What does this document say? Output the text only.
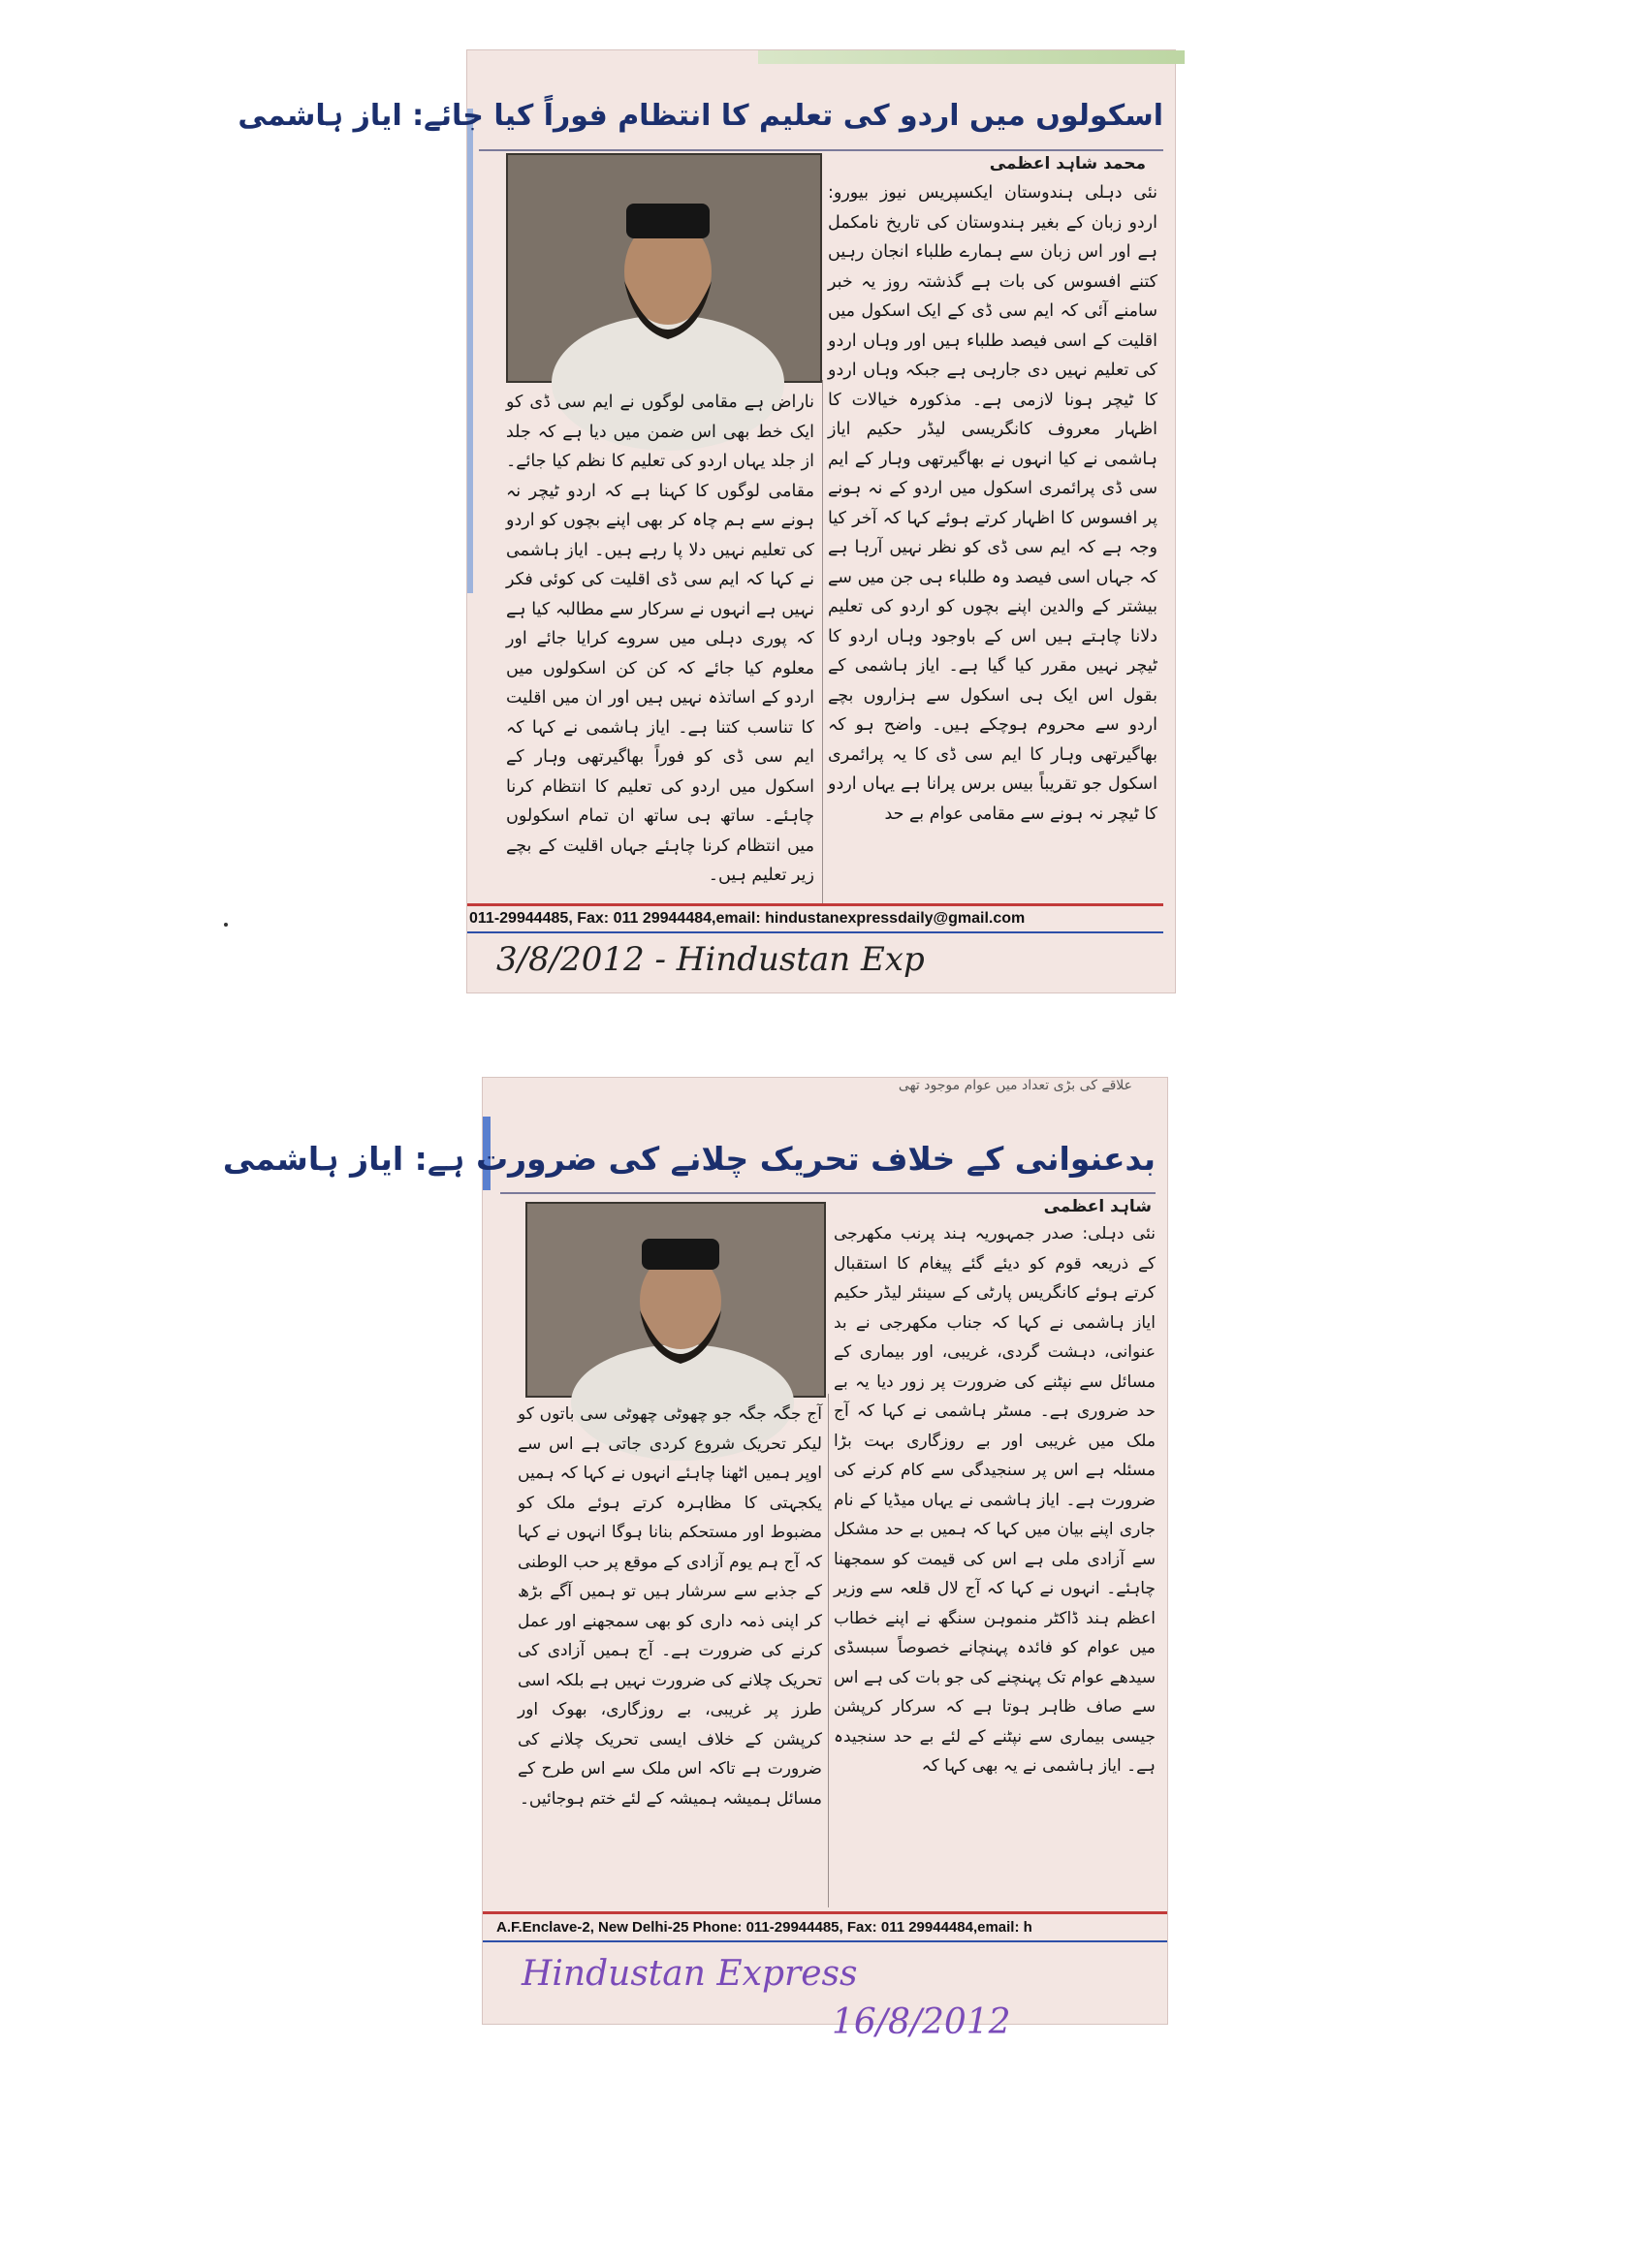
اسکولوں میں اردو کی تعلیم کا انتظام فوراً کیا جائے: ایاز ہاشمی
محمد شاہد اعظمی

نئی دہلی ہندوستان ایکسپریس نیوز بیورو: اردو زبان کے بغیر ہندوستان کی تاریخ نامکمل ہے اور اس زبان سے ہمارے طلباء انجان رہیں کتنے افسوس کی بات ہے گذشتہ روز یہ خبر سامنے آئی کہ ایم سی ڈی کے ایک اسکول میں اقلیت کے اسی فیصد طلباء ہیں اور وہاں اردو کی تعلیم نہیں دی جارہی ہے جبکہ وہاں اردو کا ٹیچر ہونا لازمی ہے۔ مذکورہ خیالات کا اظہار معروف کانگریسی لیڈر حکیم ایاز ہاشمی نے کیا انہوں نے بھاگیرتھی وہار کے ایم سی ڈی پرائمری اسکول میں اردو کے نہ ہونے پر افسوس کا اظہار کرتے ہوئے کہا کہ آخر کیا وجہ ہے کہ ایم سی ڈی کو نظر نہیں آرہا ہے کہ جہاں اسی فیصد وہ طلباء ہی جن میں سے بیشتر کے والدین اپنے بچوں کو اردو کی تعلیم دلانا چاہتے ہیں اس کے باوجود وہاں اردو کا ٹیچر نہیں مقرر کیا گیا ہے۔ ایاز ہاشمی کے بقول اس ایک ہی اسکول سے ہزاروں بچے اردو سے محروم ہوچکے ہیں۔ واضح ہو کہ بھاگیرتھی وہار کا ایم سی ڈی کا یہ پرائمری اسکول جو تقریباً بیس برس پرانا ہے یہاں اردو کا ٹیچر نہ ہونے سے مقامی عوام بے حد

ناراض ہے مقامی لوگوں نے ایم سی ڈی کو ایک خط بھی اس ضمن میں دیا ہے کہ جلد از جلد یہاں اردو کی تعلیم کا نظم کیا جائے۔ مقامی لوگوں کا کہنا ہے کہ اردو ٹیچر نہ ہونے سے ہم چاہ کر بھی اپنے بچوں کو اردو کی تعلیم نہیں دلا پا رہے ہیں۔ ایاز ہاشمی نے کہا کہ ایم سی ڈی اقلیت کی کوئی فکر نہیں ہے انہوں نے سرکار سے مطالبہ کیا ہے کہ پوری دہلی میں سروے کرایا جائے اور معلوم کیا جائے کہ کن کن اسکولوں میں اردو کے اساتذہ نہیں ہیں اور ان میں اقلیت کا تناسب کتنا ہے۔ ایاز ہاشمی نے کہا کہ ایم سی ڈی کو فوراً بھاگیرتھی وہار کے اسکول میں اردو کی تعلیم کا انتظام کرنا چاہئے۔ ساتھ ہی ساتھ ان تمام اسکولوں میں انتظام کرنا چاہئے جہاں اقلیت کے بچے زیر تعلیم ہیں۔

011-29944485, Fax: 011 29944484,email: hindustanexpressdaily@gmail.com
3/8/2012 - Hindustan Exp
علاقے کی بڑی تعداد میں عوام موجود تھی
بدعنوانی کے خلاف تحریک چلانے کی ضرورت ہے: ایاز ہاشمی
شاہد اعظمی

نئی دہلی: صدر جمہوریہ ہند پرنب مکھرجی کے ذریعہ قوم کو دیئے گئے پیغام کا استقبال کرتے ہوئے کانگریس پارٹی کے سینئر لیڈر حکیم ایاز ہاشمی نے کہا کہ جناب مکھرجی نے بد عنوانی، دہشت گردی، غریبی، اور بیماری کے مسائل سے نپٹنے کی ضرورت پر زور دیا یہ بے حد ضروری ہے۔ مسٹر ہاشمی نے کہا کہ آج ملک میں غریبی اور بے روزگاری بہت بڑا مسئلہ ہے اس پر سنجیدگی سے کام کرنے کی ضرورت ہے۔ ایاز ہاشمی نے یہاں میڈیا کے نام جاری اپنے بیان میں کہا کہ ہمیں بے حد مشکل سے آزادی ملی ہے اس کی قیمت کو سمجھنا چاہئے۔ انہوں نے کہا کہ آج لال قلعہ سے وزیر اعظم ہند ڈاکٹر منموہن سنگھ نے اپنے خطاب میں عوام کو فائدہ پہنچانے خصوصاً سبسڈی سیدھے عوام تک پہنچنے کی جو بات کی ہے اس سے صاف ظاہر ہوتا ہے کہ سرکار کرپشن جیسی بیماری سے نپٹنے کے لئے بے حد سنجیدہ ہے۔ ایاز ہاشمی نے یہ بھی کہا کہ

آج جگہ جگہ جو چھوٹی چھوٹی سی باتوں کو لیکر تحریک شروع کردی جاتی ہے اس سے اوپر ہمیں اٹھنا چاہئے انہوں نے کہا کہ ہمیں یکجہتی کا مظاہرہ کرتے ہوئے ملک کو مضبوط اور مستحکم بنانا ہوگا انہوں نے کہا کہ آج ہم یوم آزادی کے موقع پر حب الوطنی کے جذبے سے سرشار ہیں تو ہمیں آگے بڑھ کر اپنی ذمہ داری کو بھی سمجھنے اور عمل کرنے کی ضرورت ہے۔ آج ہمیں آزادی کی تحریک چلانے کی ضرورت نہیں ہے بلکہ اسی طرز پر غریبی، بے روزگاری، بھوک اور کرپشن کے خلاف ایسی تحریک چلانے کی ضرورت ہے تاکہ اس ملک سے اس طرح کے مسائل ہمیشہ ہمیشہ کے لئے ختم ہوجائیں۔

A.F.Enclave-2, New Delhi-25 Phone: 011-29944485, Fax: 011 29944484,email: h
Hindustan Express
16/8/2012
